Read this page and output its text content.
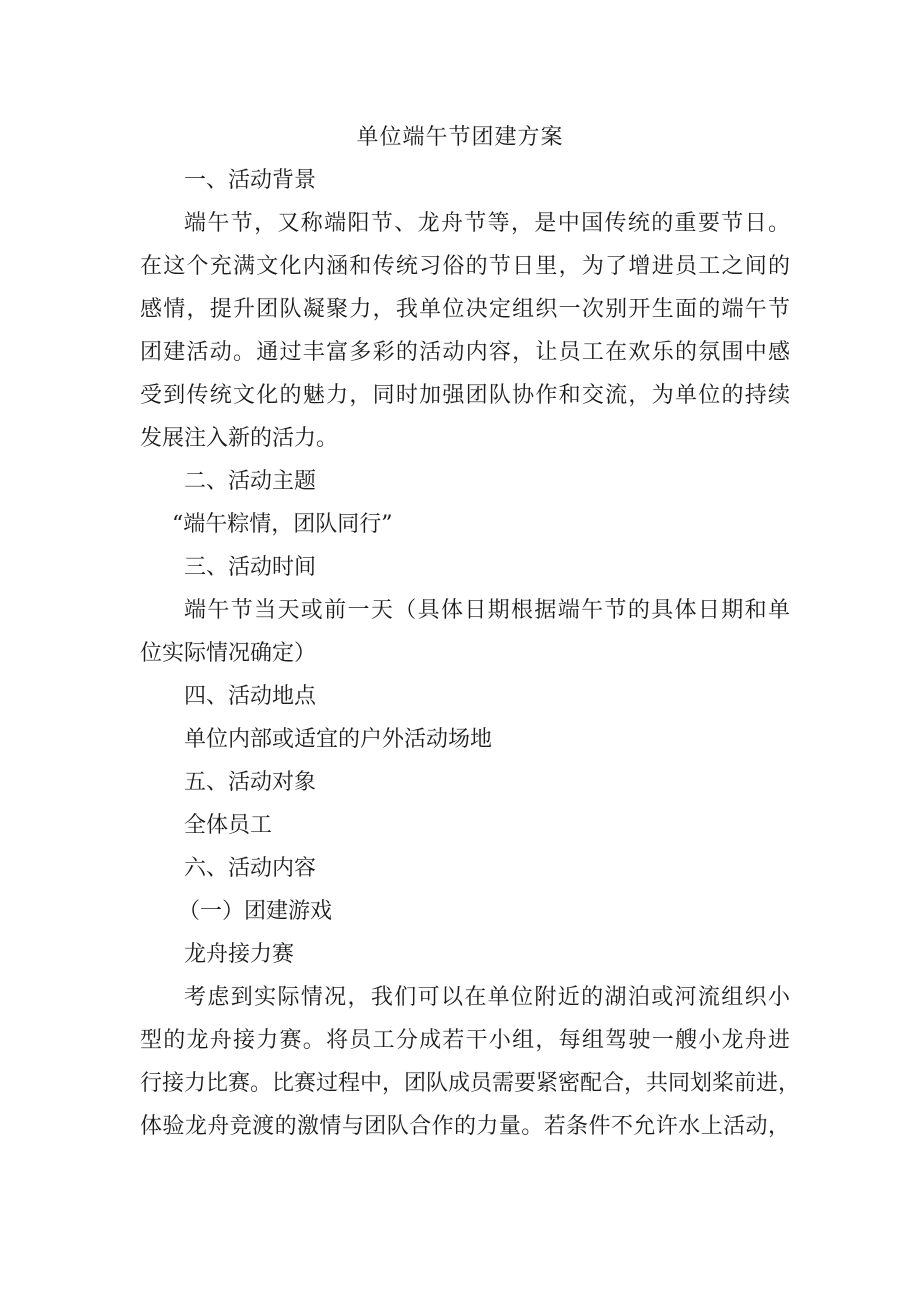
单位端午节团建方案
一、活动背景
端午节，又称端阳节、龙舟节等，是中国传统的重要节日。
在这个充满文化内涵和传统习俗的节日里，为了增进员工之间的
感情，提升团队凝聚力，我单位决定组织一次别开生面的端午节
团建活动。通过丰富多彩的活动内容，让员工在欢乐的氛围中感
受到传统文化的魅力，同时加强团队协作和交流，为单位的持续
发展注入新的活力。
二、活动主题
“端午粽情，团队同行”
三、活动时间
端午节当天或前一天（具体日期根据端午节的具体日期和单
位实际情况确定）
四、活动地点
单位内部或适宜的户外活动场地
五、活动对象
全体员工
六、活动内容
（一）团建游戏
龙舟接力赛
考虑到实际情况，我们可以在单位附近的湖泊或河流组织小
型的龙舟接力赛。将员工分成若干小组，每组驾驶一艘小龙舟进
行接力比赛。比赛过程中，团队成员需要紧密配合，共同划桨前进，
体验龙舟竞渡的激情与团队合作的力量。若条件不允许水上活动，
